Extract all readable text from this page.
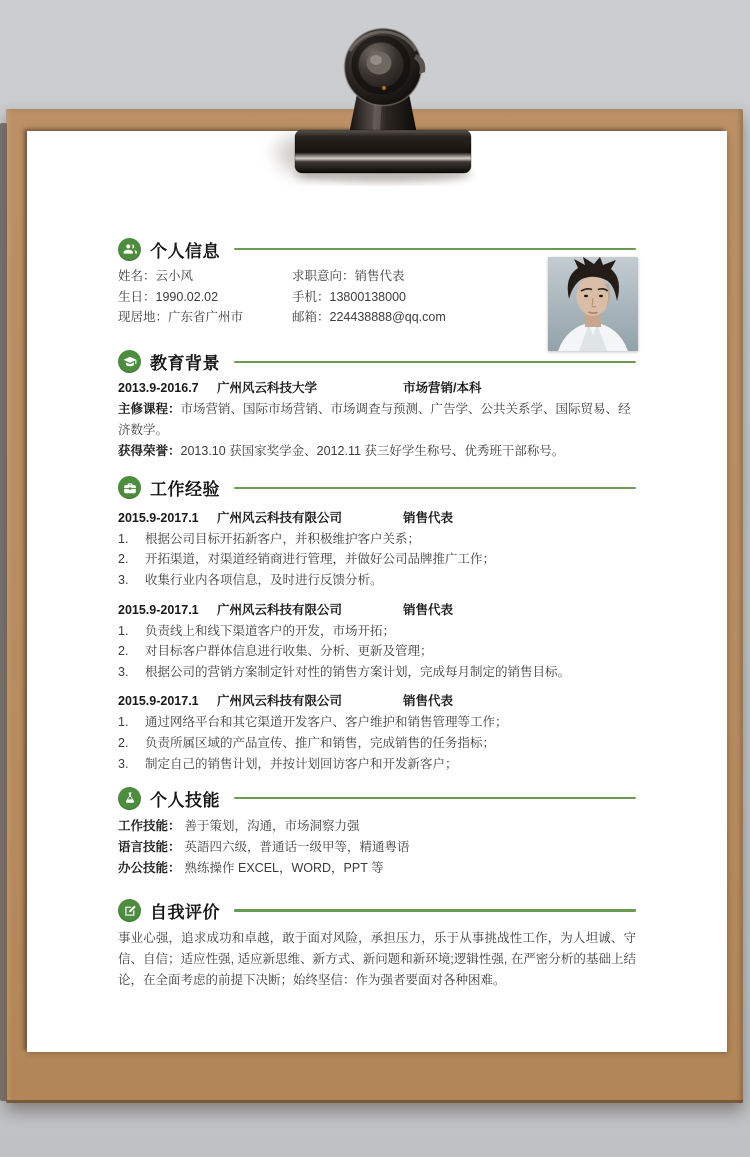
个人信息
姓名：云小风
生日：1990.02.02
现居地：广东省广州市
求职意向：销售代表
手机：13800138000
邮箱：224438888@qq.com
教育背景
2013.9-2016.7	广州风云科技大学	市场营销/本科
主修课程：市场营销、国际市场营销、市场调查与预测、广告学、公共关系学、国际贸易、经济数学。
获得荣誉：2013.10 获国家奖学金、2012.11 获三好学生称号、优秀班干部称号。
工作经验
2015.9-2017.1	广州风云科技有限公司	销售代表
根据公司目标开拓新客户，并积极维护客户关系；
开拓渠道，对渠道经销商进行管理，并做好公司品牌推广工作；
收集行业内各项信息，及时进行反馈分析。
2015.9-2017.1	广州风云科技有限公司	销售代表
负责线上和线下渠道客户的开发，市场开拓；
对目标客户群体信息进行收集、分析、更新及管理；
根据公司的营销方案制定针对性的销售方案计划，完成每月制定的销售目标。
2015.9-2017.1	广州风云科技有限公司	销售代表
通过网络平台和其它渠道开发客户、客户维护和销售管理等工作；
负责所属区域的产品宣传、推广和销售，完成销售的任务指标；
制定自己的销售计划，并按计划回访客户和开发新客户；
个人技能
工作技能： 善于策划，沟通，市场洞察力强
语言技能： 英語四六级，普通话一级甲等，精通粤语
办公技能： 熟练操作 EXCEL，WORD，PPT 等
自我评价
事业心强，追求成功和卓越，敢于面对风险，承担压力，乐于从事挑战性工作，为人坦诚、守信、自信；适应性强, 适应新思维、新方式、新问题和新环境;逻辑性强, 在严密分析的基础上结论，在全面考虑的前提下决断；始终坚信：作为强者要面对各种困难。
